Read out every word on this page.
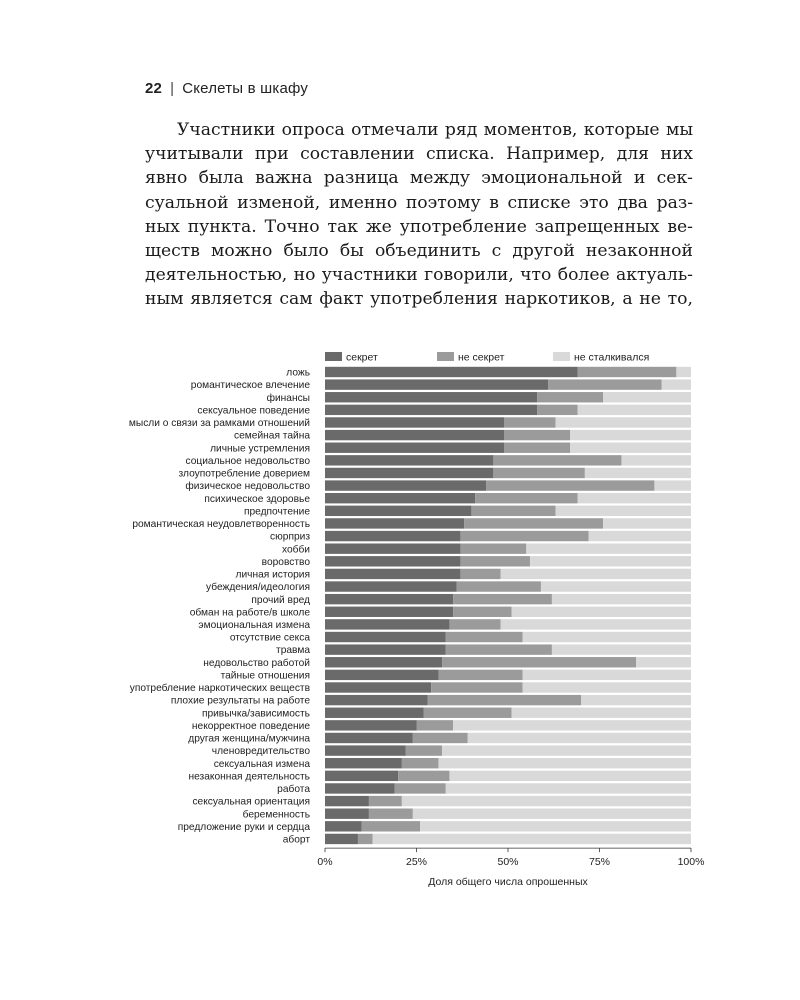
22 | Скелеты в шкафу
Участники опроса отмечали ряд моментов, которые мы
учитывали при составлении списка. Например, для них
явно была важна разница между эмоциональной и сек-
суальной изменой, именно поэтому в списке это два раз-
ных пункта. Точно так же употребление запрещенных ве-
ществ можно было бы объединить с другой незаконной
деятельностью, но участники говорили, что более актуаль-
ным является сам факт употребления наркотиков, а не то,
секрет	не секрет	не сталкивался
ложь
романтическое влечение
финансы
сексуальное поведение
мысли о связи за рамками отношений
семейная тайна
личные устремления
социальное недовольство
злоупотребление доверием
физическое недовольство
психическое здоровье
предпочтение
романтическая неудовлетворенность
сюрприз
хобби
воровство
личная история
убеждения/идеология
прочий вред
обман на работе/в школе
эмоциональная измена
отсутствие секса
травма
недовольство работой
тайные отношения
употребление наркотических веществ
плохие результаты на работе
привычка/зависимость
некорректное поведение
другая женщина/мужчина
членовредительство
сексуальная измена
незаконная деятельность
работа
сексуальная ориентация
беременность
предложение руки и сердца
аборт
0%	25%	50%	75%	100%
Доля общего числа опрошенных
